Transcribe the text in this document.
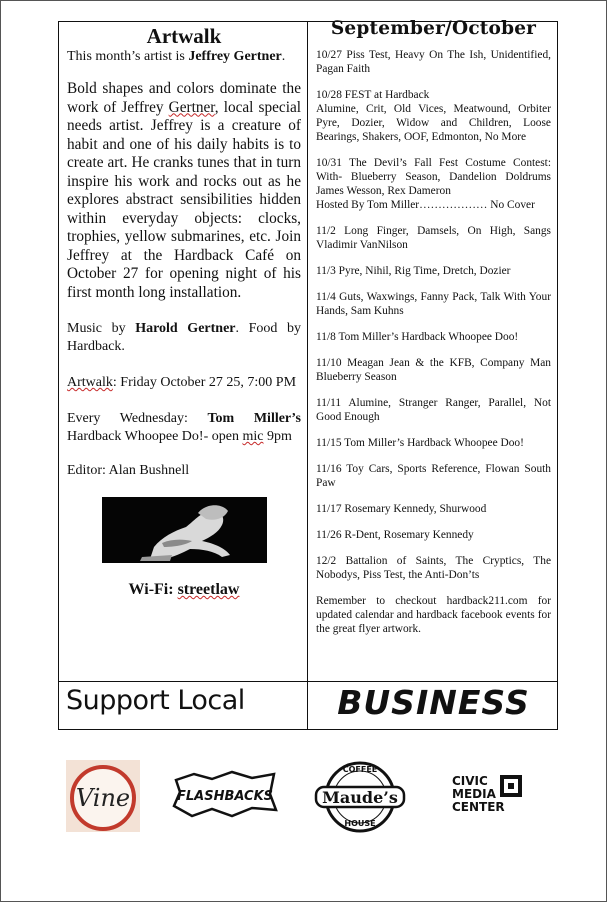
Artwalk

This month’s artist is Jeffrey Gertner.

Bold shapes and colors dominate the work of Jeffrey Gertner, local special needs artist. Jeffrey is a creature of habit and one of his daily habits is to create art. He cranks tunes that in turn inspire his work and rocks out as he explores abstract sensibilities hidden within everyday objects: clocks, trophies, yellow submarines, etc. Join Jeffrey at the Hardback Café on October 27 for opening night of his first month long installation.

Music by Harold Gertner. Food by Hardback.

Artwalk: Friday October 27 25, 7:00 PM

Every Wednesday: Tom Miller’s Hardback Whoopee Do!- open mic 9pm

Editor: Alan Bushnell

Wi-Fi: streetlaw
September/October

10/27 Piss Test, Heavy On The Ish, Unidentified, Pagan Faith

10/28 FEST at Hardback
Alumine, Crit, Old Vices, Meatwound, Orbiter Pyre, Dozier, Widow and Children, Loose Bearings, Shakers, OOF, Edmonton, No More

10/31 The Devil’s Fall Fest Costume Contest: With- Blueberry Season, Dandelion Doldrums James Wesson, Rex Dameron
Hosted By Tom Miller……………… No Cover

11/2 Long Finger, Damsels, On High, Sangs Vladimir VanNilson

11/3 Pyre, Nihil, Rig Time, Dretch, Dozier

11/4 Guts, Waxwings, Fanny Pack, Talk With Your Hands, Sam Kuhns

11/8 Tom Miller’s Hardback Whoopee Doo!

11/10 Meagan Jean & the KFB, Company Man Blueberry Season

11/11 Alumine, Stranger Ranger, Parallel, Not Good Enough

11/15 Tom Miller’s Hardback Whoopee Doo!

11/16 Toy Cars, Sports Reference, Flowan South Paw

11/17 Rosemary Kennedy, Shurwood

11/26 R-Dent, Rosemary Kennedy

12/2 Battalion of Saints, The Cryptics, The Nobodys, Piss Test, the Anti-Don’ts

Remember to checkout hardback211.com for updated calendar and hardback facebook events for the great flyer artwork.

Support Local	BUSINESS
Vine	FLASHBACKS
COFFEE
Maude’s
HOUSE
CIVIC
MEDIA
CENTER
